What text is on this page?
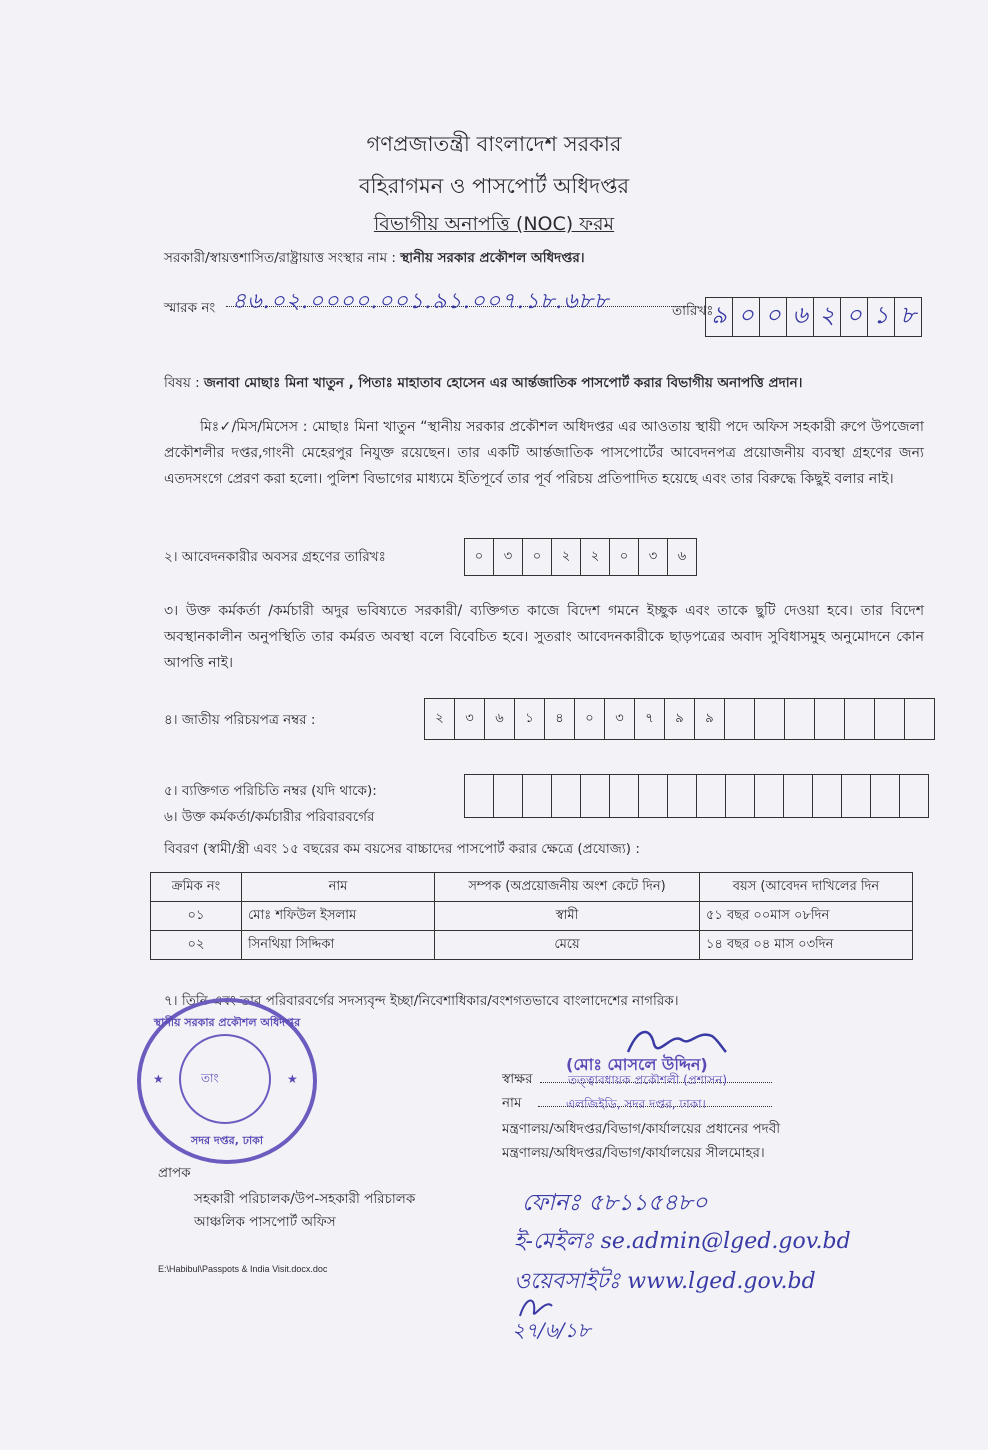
গণপ্রজাতন্ত্রী বাংলাদেশ সরকার
বহিরাগমন ও পাসপোর্ট অধিদপ্তর
বিভাগীয় অনাপত্তি (NOC) ফরম
সরকারী/স্বায়ত্তশাসিত/রাষ্ট্রায়াত্ত সংস্থার নাম : স্থানীয় সরকার প্রকৌশল অধিদপ্তর।
স্মারক নং ৪৬.০২.০০০০.০০১.৯১.০০৭.১৮.৬৮৮	তারিখঃ
৯ ০ ০ ৬ ২ ০ ১ ৮
বিষয় : জনাবা মোছাঃ মিনা খাতুন , পিতাঃ মাহাতাব হোসেন এর আর্ন্তজাতিক পাসপোর্ট করার বিভাগীয় অনাপত্তি প্রদান।
মিঃ✓/মিস/মিসেস : মোছাঃ মিনা খাতুন “স্থানীয় সরকার প্রকৌশল অধিদপ্তর এর আওতায় স্থায়ী পদে অফিস সহকারী রুপে উপজেলা প্রকৌশলীর দপ্তর,গাংনী মেহেরপুর নিযুক্ত রয়েছেন। তার একটি আর্ন্তজাতিক পাসপোর্টের আবেদনপত্র প্রয়োজনীয় ব্যবস্থা গ্রহণের জন্য এতদসংগে প্রেরণ করা হলো। পুলিশ বিভাগের মাধ্যমে ইতিপূর্বে তার পূর্ব পরিচয় প্রতিপাদিত হয়েছে এবং তার বিরুদ্ধে কিছুই বলার নাই।
২। আবেদনকারীর অবসর গ্রহণের তারিখঃ	০	৩	০	২	২	০	৩	৬
৩। উক্ত কর্মকর্তা /কর্মচারী অদুর ভবিষ্যতে সরকারী/ ব্যক্তিগত কাজে বিদেশ গমনে ইচ্ছুক এবং তাকে ছুটি দেওয়া হবে। তার বিদেশ অবস্থানকালীন অনুপস্থিতি তার কর্মরত অবস্থা বলে বিবেচিত হবে। সুতরাং আবেদনকারীকে ছাড়পত্রের অবাদ সুবিধাসমুহ অনুমোদনে কোন আপত্তি নাই।
৪। জাতীয় পরিচয়পত্র নম্বর :	২	৩	৬	১	৪	০	৩	৭	৯	৯
৫। ব্যক্তিগত পরিচিতি নম্বর (যদি থাকে):
৬। উক্ত কর্মকর্তা/কর্মচারীর পরিবারবর্গের
বিবরণ (স্বামী/স্ত্রী এবং ১৫ বছরের কম বয়সের বাচ্চাদের পাসপোর্ট করার ক্ষেত্রে (প্রযোজ্য) :
ক্রমিক নং	নাম	সম্পক (অপ্রয়োজনীয় অংশ কেটে দিন)	বয়স (আবেদন দাখিলের দিন
০১	মোঃ শফিউল ইসলাম	স্বামী	৫১ বছর ০০মাস ০৮দিন
০২	সিনথিয়া সিদ্দিকা	মেয়ে	১৪ বছর ০৪ মাস ০৩দিন
৭। তিনি এবং তার পরিবারবর্গের সদস্যবৃন্দ ইচ্ছা/নিবেশাধিকার/বংশগতভাবে বাংলাদেশের নাগরিক।
স্থানীয় সরকার প্রকৌশল অধিদপ্তর
তাং
সদর দপ্তর, ঢাকা
★	★
(মোঃ মোসলে উদ্দিন)
স্বাক্ষর	তত্ত্বাবধায়ক প্রকৌশলী (প্রশাসন)
নাম	এলজিইডি, সদর দপ্তর, ঢাকা।
মন্ত্রণালয়/অধিদপ্তর/বিভাগ/কার্যালয়ের প্রধানের পদবী
মন্ত্রণালয়/অধিদপ্তর/বিভাগ/কার্যালয়ের সীলমোহর।
প্রাপক
সহকারী পরিচালক/উপ-সহকারী পরিচালক
আঞ্চলিক পাসপোর্ট অফিস
ফোনঃ ৫৮১১৫৪৮০
ই-মেইলঃ se.admin@lged.gov.bd
ওয়েবসাইটঃ www.lged.gov.bd
২৭/৬/১৮
E:\Habibul\Passpots & India Visit.docx.doc
